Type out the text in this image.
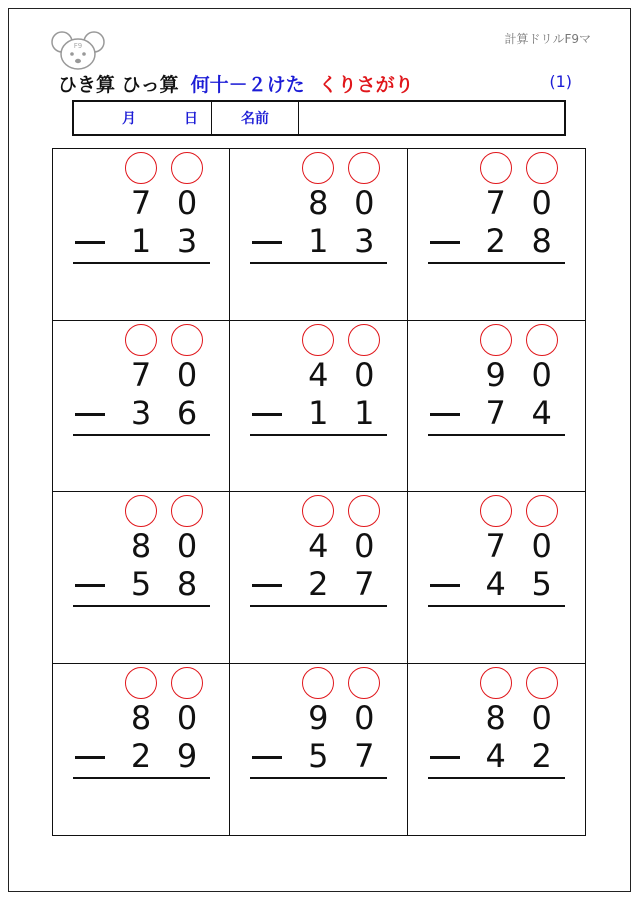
F9	計算ドリルF9マ
ひき算 ひっ算 何十－２けた くりさがり	(1)
月	日	名前
7 0
1 3
8 0
1 3
7 0
2 8
7 0
3 6
4 0
1 1
9 0
7 4
8 0
5 8
4 0
2 7
7 0
4 5
8 0
2 9
9 0
5 7
8 0
4 2
